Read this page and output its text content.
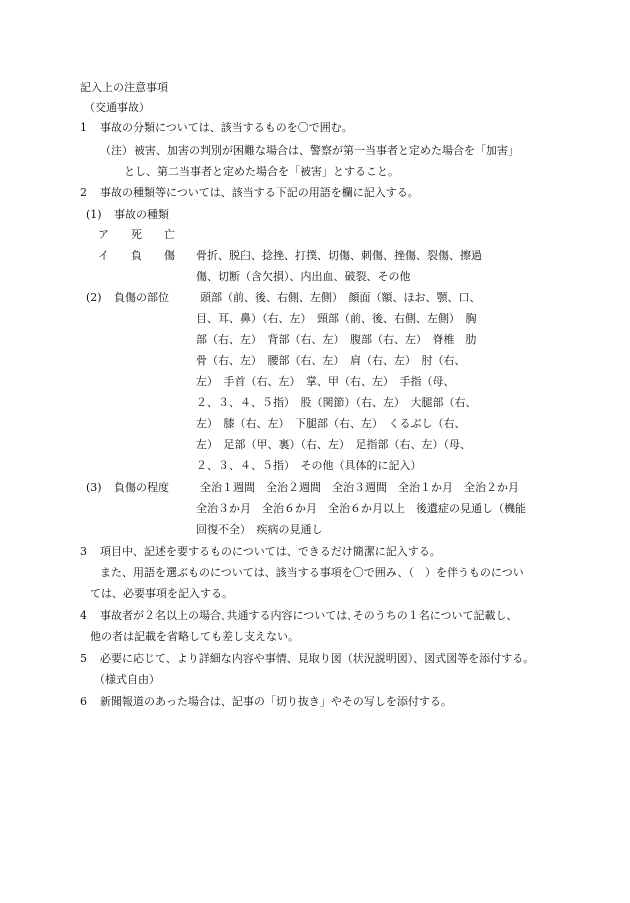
記入上の注意事項
（交通事故）
1 事故の分類については、該当するものを〇で囲む。
（注） 被害、加害の判別が困難な場合は、警察が第一当事者と定めた場合を「加害」
とし、第二当事者と定めた場合を「被害」とすること。
2 事故の種類等については、該当する下記の用語を欄に記入する。
(1) 事故の種類
ア　　死　　亡
イ　　負　　傷 骨折、脱臼、捻挫、打撲、切傷、刺傷、挫傷、裂傷、擦過
傷、切断（含欠損）、内出血、破裂、その他
(2) 負傷の部位	頭部（前、後、右側、左側）　顔面（額、ほお、顎、口、
目、耳、鼻）（右、左）　頸部（前、後、右側、左側）　胸
部（右、左）　背部（右、左）　腹部（右、左）　脊椎　肋
骨（右、左）　腰部（右、左）　肩（右、左）　肘（右、
左）　手首（右、左）　掌、甲（右、左）　手指（母、
２、３、４、５指）　股（関節）（右、左）　大腿部（右、
左）　膝（右、左）　下腿部（右、左）　くるぶし（右、
左）　足部（甲、裏）（右、左）　足指部（右、左）（母、
２、３、４、５指）　その他（具体的に記入）
(3) 負傷の程度	全治１週間　全治２週間　全治３週間　全治１か月　全治２か月
全治３か月　全治６か月　全治６か月以上　後遺症の見通し（機能
回復不全）　疾病の見通し
3 項目中、記述を要するものについては、できるだけ簡潔に記入する。
また、用語を選ぶものについては、該当する事項を〇で囲み、（　）を伴うものについ
ては、必要事項を記入する。
4 事故者が２名以上の場合､共通する内容については､そのうちの１名について記載し、
他の者は記載を省略しても差し支えない。
5 必要に応じて、より詳細な内容や事情、見取り図（状況説明図）、図式図等を添付する。
（様式自由）
6 新聞報道のあった場合は、記事の「切り抜き」やその写しを添付する。
